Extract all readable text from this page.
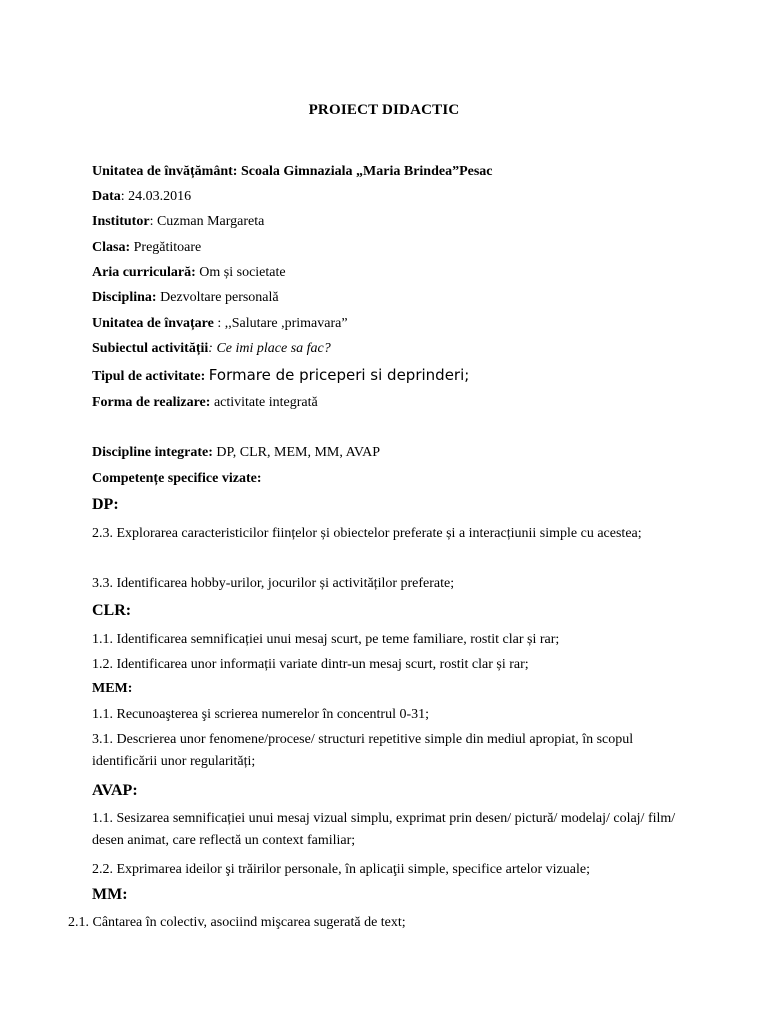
PROIECT DIDACTIC
Unitatea de învățământ: Scoala Gimnaziala „Maria Brindea”Pesac
Data: 24.03.2016
Institutor: Cuzman Margareta
Clasa: Pregătitoare
Aria curriculară: Om și societate
Disciplina: Dezvoltare personală
Unitatea de învațare : ,,Salutare ,primavara”
Subiectul activității: Ce imi place sa fac?
Tipul de activitate: Formare de priceperi si deprinderi;
Forma de realizare: activitate integrată
Discipline integrate: DP, CLR, MEM, MM, AVAP
Competențe specifice vizate:
DP:
2.3. Explorarea caracteristicilor ființelor și obiectelor preferate și a interacțiunii simple cu acestea;
3.3. Identificarea hobby-urilor, jocurilor și activităților preferate;
CLR:
1.1. Identificarea semnificației unui mesaj scurt, pe teme familiare, rostit clar și rar;
1.2. Identificarea unor informații variate dintr-un mesaj scurt, rostit clar și rar;
MEM:
1.1. Recunoaşterea şi scrierea numerelor în concentrul 0-31;
3.1. Descrierea unor fenomene/procese/ structuri repetitive simple din mediul apropiat, în scopul identificării unor regularități;
AVAP:
1.1. Sesizarea semnificației unui mesaj vizual simplu, exprimat prin desen/ pictură/ modelaj/ colaj/ film/ desen animat, care reflectă un context familiar;
2.2. Exprimarea ideilor şi trăirilor personale, în aplicaţii simple, specifice artelor vizuale;
MM:
2.1. Cântarea în colectiv, asociind mişcarea sugerată de text;
